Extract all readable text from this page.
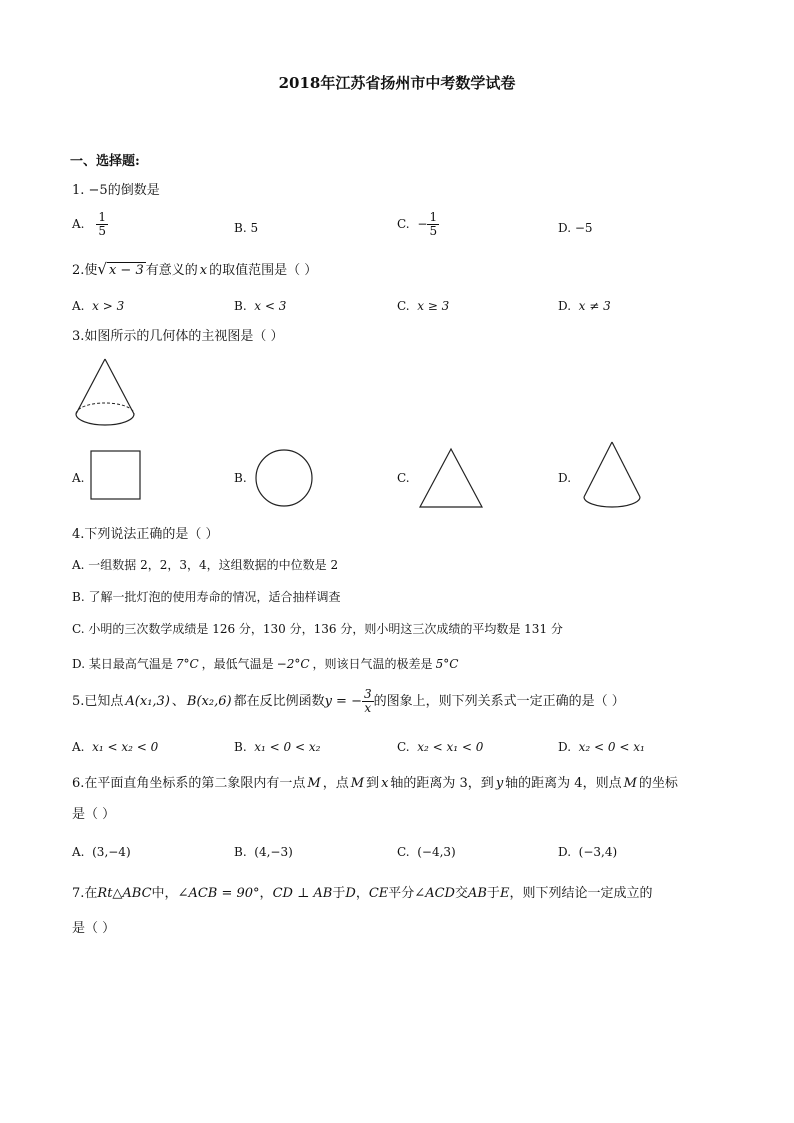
2018年江苏省扬州市中考数学试卷
一、选择题:
1. −5的倒数是
A. $\frac{1}{5}$	B. 5	C. − $\frac{1}{5}$	D. −5
2.使√ x − 3 有意义的 x 的取值范围是（ ）
A. x > 3	B. x < 3	C. x ≥ 3	D. x ≠ 3
3.如图所示的几何体的主视图是（ ）
A.	B.	C.	D.
4.下列说法正确的是（ ）
A. 一组数据 2，2，3，4，这组数据的中位数是 2
B. 了解一批灯泡的使用寿命的情况，适合抽样调查
C. 小明的三次数学成绩是 126 分，130 分，136 分，则小明这三次成绩的平均数是 131 分
D. 某日最高气温是 7°C ，最低气温是 −2°C ，则该日气温的极差是 5°C
5.已知点 A(x₁,3) 、 B(x₂,6) 都在反比例函数y = − $\frac{3}{x}$ 的图象上，则下列关系式一定正确的是（ ）
A. x₁ < x₂ < 0	B. x₁ < 0 < x₂	C. x₂ < x₁ < 0	D. x₂ < 0 < x₁
6.在平面直角坐标系的第二象限内有一点 M ，点 M 到 x 轴的距离为 3，到 y 轴的距离为 4，则点 M 的坐标
是（ ）
A. (3,−4)	B. (4,−3)	C. (−4,3)	D. (−3,4)
7.在Rt△ABC中，∠ACB = 90°，CD ⊥ AB于D，CE平分∠ACD交AB于E，则下列结论一定成立的
是（ ）
